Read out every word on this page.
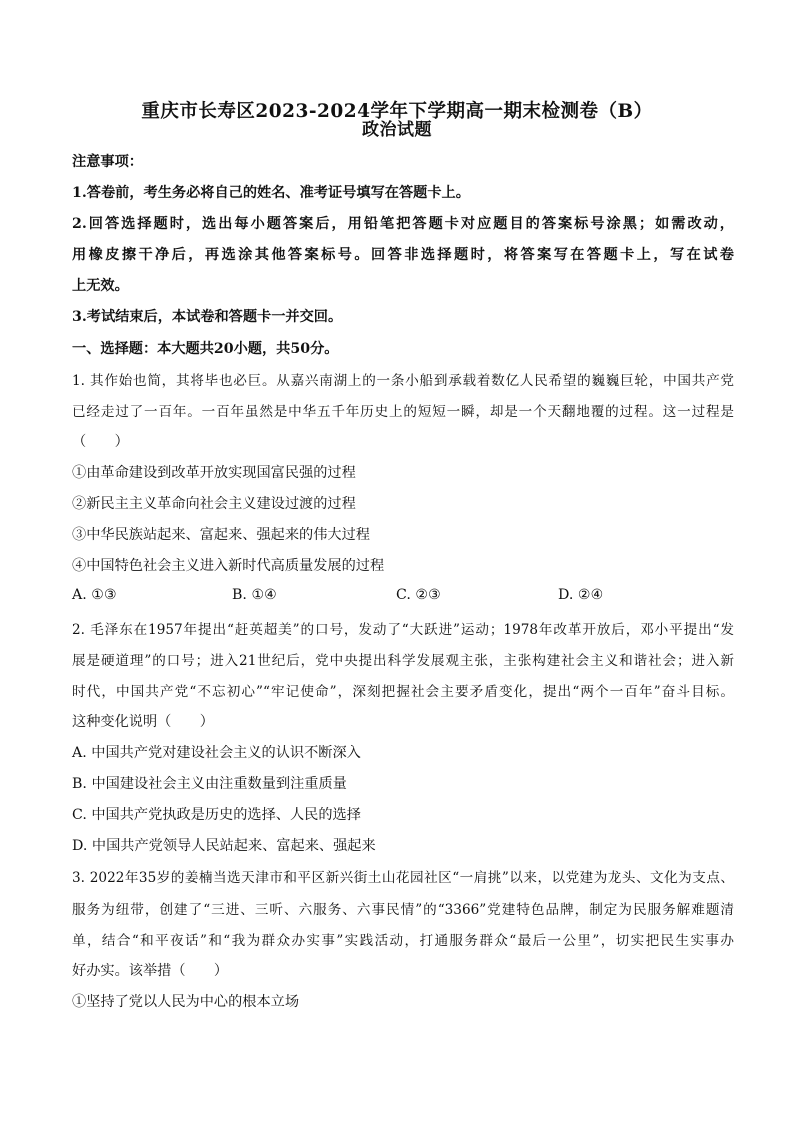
重庆市长寿区2023-2024学年下学期高一期末检测卷（B）
政治试题
注意事项：
1.答卷前，考生务必将自己的姓名、准考证号填写在答题卡上。
2.回答选择题时，选出每小题答案后，用铅笔把答题卡对应题目的答案标号涂黑；如需改动，
用橡皮擦干净后，再选涂其他答案标号。回答非选择题时，将答案写在答题卡上，写在试卷
上无效。
3.考试结束后，本试卷和答题卡一并交回。
一、选择题：本大题共20小题，共50分。
1. 其作始也简，其将毕也必巨。从嘉兴南湖上的一条小船到承载着数亿人民希望的巍巍巨轮，中国共产党
已经走过了一百年。一百年虽然是中华五千年历史上的短短一瞬，却是一个天翻地覆的过程。这一过程是
（　　）
①由革命建设到改革开放实现国富民强的过程
②新民主主义革命向社会主义建设过渡的过程
③中华民族站起来、富起来、强起来的伟大过程
④中国特色社会主义进入新时代高质量发展的过程
A. ①③	B. ①④	C. ②③	D. ②④
2. 毛泽东在1957年提出“赶英超美”的口号，发动了“大跃进”运动；1978年改革开放后，邓小平提出“发
展是硬道理”的口号；进入21世纪后，党中央提出科学发展观主张，主张构建社会主义和谐社会；进入新
时代，中国共产党“不忘初心”“牢记使命”，深刻把握社会主要矛盾变化，提出“两个一百年”奋斗目标。
这种变化说明（　　）
A. 中国共产党对建设社会主义的认识不断深入
B. 中国建设社会主义由注重数量到注重质量
C. 中国共产党执政是历史的选择、人民的选择
D. 中国共产党领导人民站起来、富起来、强起来
3. 2022年35岁的姜楠当选天津市和平区新兴街土山花园社区“一肩挑”以来，以党建为龙头、文化为支点、
服务为纽带，创建了“三进、三听、六服务、六事民情”的“3366”党建特色品牌，制定为民服务解难题清
单，结合“和平夜话”和“我为群众办实事”实践活动，打通服务群众“最后一公里”，切实把民生实事办
好办实。该举措（　　）
①坚持了党以人民为中心的根本立场
